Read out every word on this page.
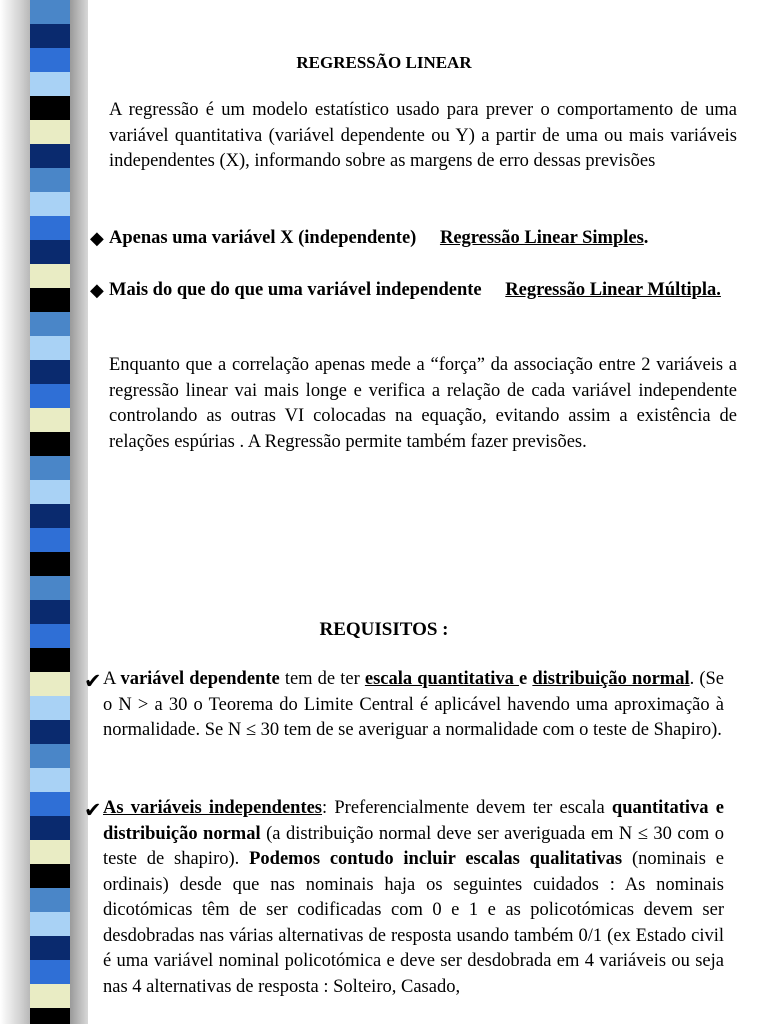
REGRESSÃO LINEAR
A regressão é um modelo estatístico usado para prever o comportamento de uma variável quantitativa (variável dependente ou Y) a partir de uma ou mais variáveis independentes (X), informando sobre as margens de erro dessas previsões
◆ Apenas uma variável X (independente) Regressão Linear Simples.
◆ Mais do que do que uma variável independente Regressão Linear Múltipla.
Enquanto que a correlação apenas mede a “força” da associação entre 2 variáveis a regressão linear vai mais longe e verifica a relação de cada variável independente controlando as outras VI colocadas na equação, evitando assim a existência de relações espúrias . A Regressão permite também fazer previsões.
REQUISITOS :
✔ A variável dependente tem de ter escala quantitativa e distribuição normal. (Se o N > a 30 o Teorema do Limite Central é aplicável havendo uma aproximação à normalidade. Se N ≤ 30 tem de se averiguar a normalidade com o teste de Shapiro).
✔ As variáveis independentes: Preferencialmente devem ter escala quantitativa e distribuição normal (a distribuição normal deve ser averiguada em N ≤ 30 com o teste de shapiro). Podemos contudo incluir escalas qualitativas (nominais e ordinais) desde que nas nominais haja os seguintes cuidados : As nominais dicotómicas têm de ser codificadas com 0 e 1 e as policotómicas devem ser desdobradas nas várias alternativas de resposta usando também 0/1 (ex Estado civil é uma variável nominal policotómica e deve ser desdobrada em 4 variáveis ou seja nas 4 alternativas de resposta : Solteiro, Casado,
